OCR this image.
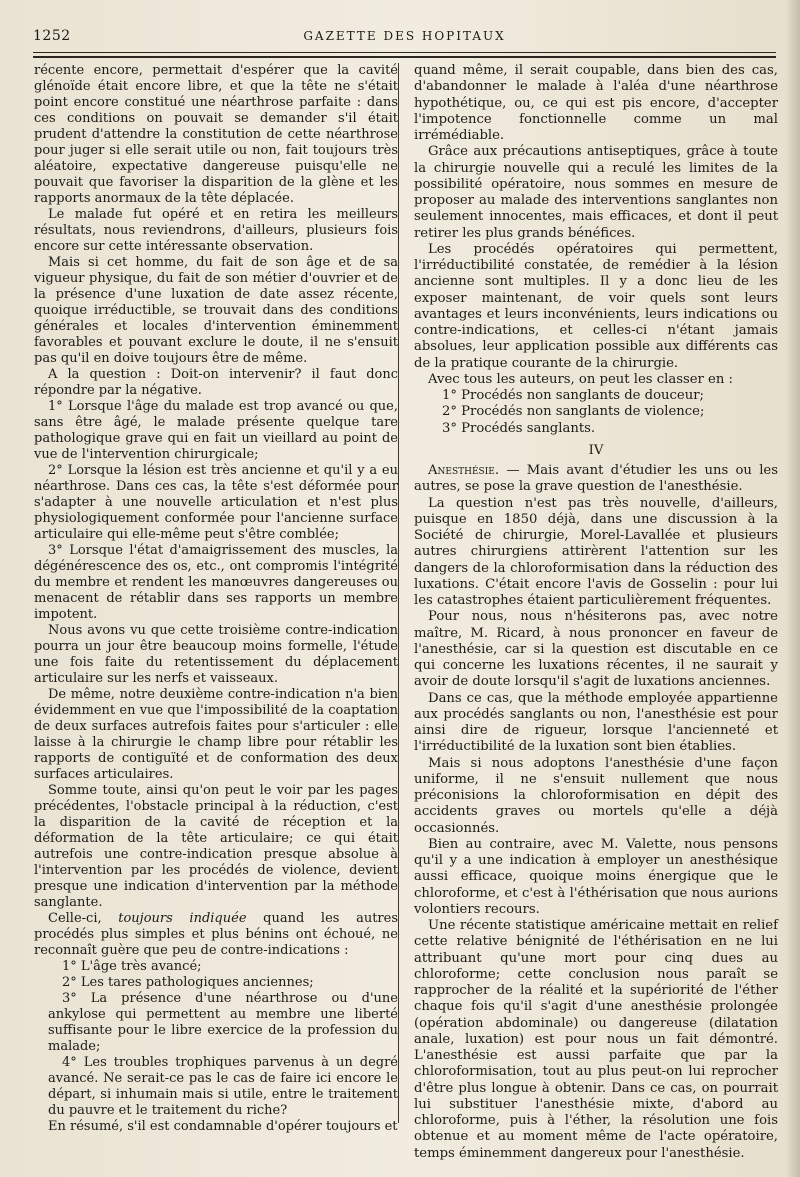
1252	GAZETTE DES HOPITAUX

récente encore, permettait d'espérer que la cavité glénoïde était encore libre, et que la tête ne s'était point encore constitué une néarthrose parfaite : dans ces conditions on pouvait se demander s'il était prudent d'attendre la constitution de cette néarthrose pour juger si elle serait utile ou non, fait toujours très aléatoire, expectative dangereuse puisqu'elle ne pouvait que favoriser la disparition de la glène et les rapports anormaux de la tête déplacée.

Le malade fut opéré et en retira les meilleurs résultats, nous reviendrons, d'ailleurs, plusieurs fois encore sur cette intéressante observation.

Mais si cet homme, du fait de son âge et de sa vigueur physique, du fait de son métier d'ouvrier et de la présence d'une luxation de date assez récente, quoique irréductible, se trouvait dans des conditions générales et locales d'intervention éminemment favorables et pouvant exclure le doute, il ne s'ensuit pas qu'il en doive toujours être de même.

A la question : Doit-on intervenir? il faut donc répondre par la négative.

1° Lorsque l'âge du malade est trop avancé ou que, sans être âgé, le malade présente quelque tare pathologique grave qui en fait un vieillard au point de vue de l'intervention chirurgicale;

2° Lorsque la lésion est très ancienne et qu'il y a eu néarthrose. Dans ces cas, la tête s'est déformée pour s'adapter à une nouvelle articulation et n'est plus physiologiquement conformée pour l'ancienne surface articulaire qui elle-même peut s'être comblée;

3° Lorsque l'état d'amaigrissement des muscles, la dégénérescence des os, etc., ont compromis l'intégrité du membre et rendent les manœuvres dangereuses ou menacent de rétablir dans ses rapports un membre impotent.

Nous avons vu que cette troisième contre-indication pourra un jour être beaucoup moins formelle, l'étude une fois faite du retentissement du déplacement articulaire sur les nerfs et vaisseaux.

De même, notre deuxième contre-indication n'a bien évidemment en vue que l'impossibilité de la coaptation de deux surfaces autrefois faites pour s'articuler : elle laisse à la chirurgie le champ libre pour rétablir les rapports de contiguïté et de conformation des deux surfaces articulaires.

Somme toute, ainsi qu'on peut le voir par les pages précédentes, l'obstacle principal à la réduction, c'est la disparition de la cavité de réception et la déformation de la tête articulaire; ce qui était autrefois une contre-indication presque absolue à l'intervention par les procédés de violence, devient presque une indication d'intervention par la méthode sanglante.

Celle-ci, toujours indiquée quand les autres procédés plus simples et plus bénins ont échoué, ne reconnaît guère que peu de contre-indications :

1° L'âge très avancé;

2° Les tares pathologiques anciennes;

3° La présence d'une néarthrose ou d'une ankylose qui permettent au membre une liberté suffisante pour le libre exercice de la profession du malade;

4° Les troubles trophiques parvenus à un degré avancé. Ne serait-ce pas le cas de faire ici encore le départ, si inhumain mais si utile, entre le traitement du pauvre et le traitement du riche?

En résumé, s'il est condamnable d'opérer toujours et

quand même, il serait coupable, dans bien des cas, d'abandonner le malade à l'aléa d'une néarthrose hypothétique, ou, ce qui est pis encore, d'accepter l'impotence fonctionnelle comme un mal irrémédiable.

Grâce aux précautions antiseptiques, grâce à toute la chirurgie nouvelle qui a reculé les limites de la possibilité opératoire, nous sommes en mesure de proposer au malade des interventions sanglantes non seulement innocentes, mais efficaces, et dont il peut retirer les plus grands bénéfices.

Les procédés opératoires qui permettent, l'irréductibilité constatée, de remédier à la lésion ancienne sont multiples. Il y a donc lieu de les exposer maintenant, de voir quels sont leurs avantages et leurs inconvénients, leurs indications ou contre-indications, et celles-ci n'étant jamais absolues, leur application possible aux différents cas de la pratique courante de la chirurgie.

Avec tous les auteurs, on peut les classer en :

1° Procédés non sanglants de douceur;

2° Procédés non sanglants de violence;

3° Procédés sanglants.

IV

Anesthésie. — Mais avant d'étudier les uns ou les autres, se pose la grave question de l'anesthésie.

La question n'est pas très nouvelle, d'ailleurs, puisque en 1850 déjà, dans une discussion à la Société de chirurgie, Morel-Lavallée et plusieurs autres chirurgiens attirèrent l'attention sur les dangers de la chloroformisation dans la réduction des luxations. C'était encore l'avis de Gosselin : pour lui les catastrophes étaient particulièrement fréquentes.

Pour nous, nous n'hésiterons pas, avec notre maître, M. Ricard, à nous prononcer en faveur de l'anesthésie, car si la question est discutable en ce qui concerne les luxations récentes, il ne saurait y avoir de doute lorsqu'il s'agit de luxations anciennes.

Dans ce cas, que la méthode employée appartienne aux procédés sanglants ou non, l'anesthésie est pour ainsi dire de rigueur, lorsque l'ancienneté et l'irréductibilité de la luxation sont bien établies.

Mais si nous adoptons l'anesthésie d'une façon uniforme, il ne s'ensuit nullement que nous préconisions la chloroformisation en dépit des accidents graves ou mortels qu'elle a déjà occasionnés.

Bien au contraire, avec M. Valette, nous pensons qu'il y a une indication à employer un anesthésique aussi efficace, quoique moins énergique que le chloroforme, et c'est à l'éthérisation que nous aurions volontiers recours.

Une récente statistique américaine mettait en relief cette relative bénignité de l'éthérisation en ne lui attribuant qu'une mort pour cinq dues au chloroforme; cette conclusion nous paraît se rapprocher de la réalité et la supériorité de l'éther chaque fois qu'il s'agit d'une anesthésie prolongée (opération abdominale) ou dangereuse (dilatation anale, luxation) est pour nous un fait démontré. L'anesthésie est aussi parfaite que par la chloroformisation, tout au plus peut-on lui reprocher d'être plus longue à obtenir. Dans ce cas, on pourrait lui substituer l'anesthésie mixte, d'abord au chloroforme, puis à l'éther, la résolution une fois obtenue et au moment même de l'acte opératoire, temps éminemment dangereux pour l'anesthésie.
